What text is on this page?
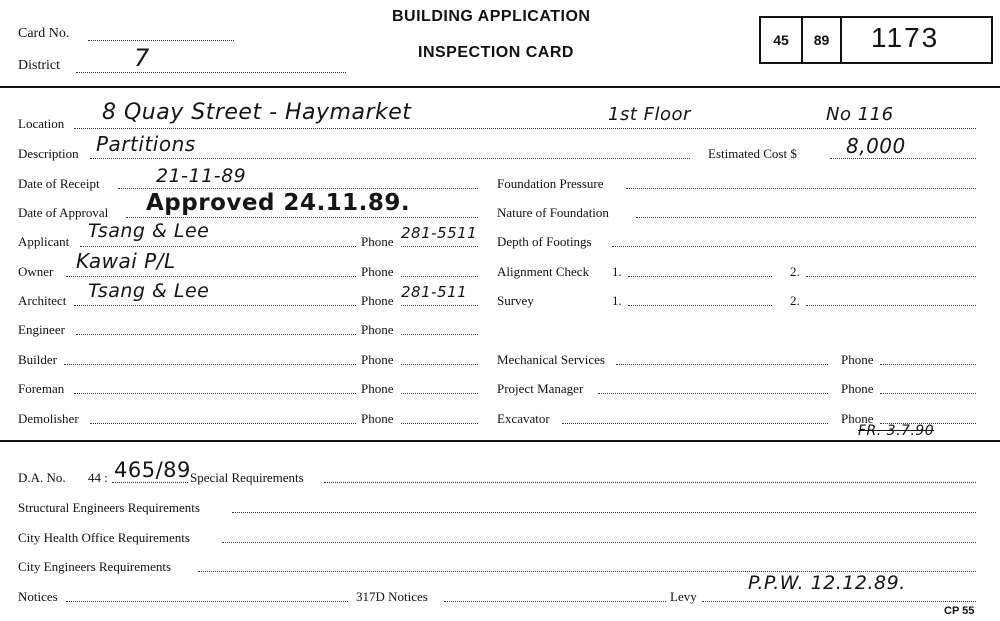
Card No.
District	7
BUILDING APPLICATION
INSPECTION CARD
45	89	1173
Location 8 Quay Street - Haymarket	1st Floor	No 116
Description Partitions	Estimated Cost $ 8,000
Date of Receipt	21-11-89
Date of Approval Approved 24.11.89.
Applicant Tsang & Lee	Phone 281-5511
Owner Kawai P/L	Phone
Architect Tsang & Lee	Phone 281-511
Engineer	Phone
Builder	Phone
Foreman	Phone
Demolisher	Phone
Foundation Pressure
Nature of Foundation
Depth of Footings
Alignment Check 1.	2.
Survey	1.	2.
Mechanical Services	Phone
Project Manager	Phone
Excavator	Phone
FR. 3.7.90
D.A. No. 44 : 465/89 Special Requirements
Structural Engineers Requirements
City Health Office Requirements
City Engineers Requirements
Notices	317D Notices	Levy
P.P.W. 12.12.89.
CP 55
